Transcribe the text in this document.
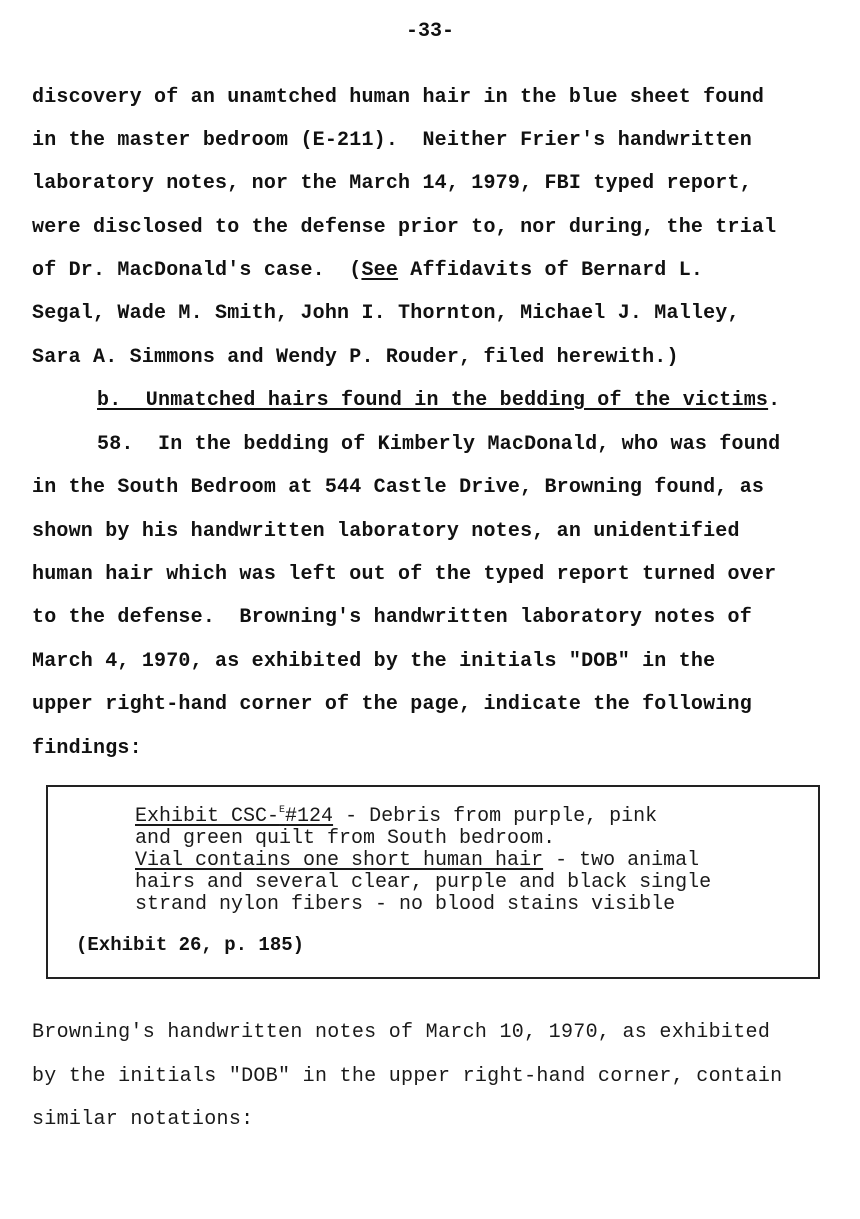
-33-
discovery of an unamtched human hair in the blue sheet found
in the master bedroom (E-211).  Neither Frier's handwritten
laboratory notes, nor the March 14, 1979, FBI typed report,
were disclosed to the defense prior to, nor during, the trial
of Dr. MacDonald's case.  (See Affidavits of Bernard L.
Segal, Wade M. Smith, John I. Thornton, Michael J. Malley,
Sara A. Simmons and Wendy P. Rouder, filed herewith.)
b.  Unmatched hairs found in the bedding of the victims.
58.  In the bedding of Kimberly MacDonald, who was found
in the South Bedroom at 544 Castle Drive, Browning found, as
shown by his handwritten laboratory notes, an unidentified
human hair which was left out of the typed report turned over
to the defense.  Browning's handwritten laboratory notes of
March 4, 1970, as exhibited by the initials "DOB" in the
upper right-hand corner of the page, indicate the following
findings:
Exhibit CSC-$^E$#124 - Debris from purple, pink
and green quilt from South bedroom.
Vial contains one short human hair - two animal
hairs and several clear, purple and black single
strand nylon fibers - no blood stains visible
(Exhibit 26, p. 185)
Browning's handwritten notes of March 10, 1970, as exhibited
by the initials "DOB" in the upper right-hand corner, contain
similar notations:
